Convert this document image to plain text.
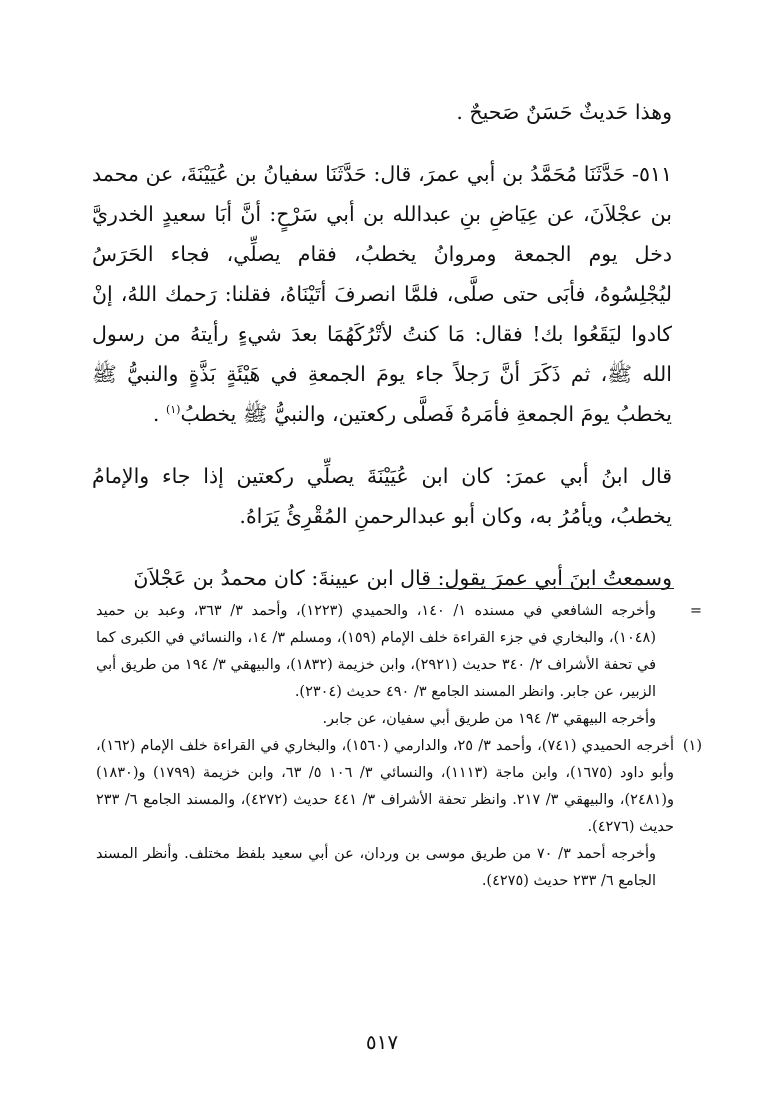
وهذا حَديثٌ حَسَنٌ صَحيحٌ .

٥١١- حَدَّثَنَا مُحَمَّدُ بن أبي عمرَ، قال: حَدَّثَنَا سفيانُ بن عُيَيْنَةَ، عن محمد بن عجْلاَنَ، عن عِيَاضِ بنِ عبدالله بن أبي سَرْحٍ: أنَّ أبَا سعيدٍ الخدريَّ دخل يوم الجمعة ومروانُ يخطبُ، فقام يصلِّي، فجاء الحَرَسُ ليُجْلِسُوهُ، فأبَى حتى صلَّى، فلمَّا انصرفَ أتَيْنَاهُ، فقلنا: رَحمك اللهُ، إنْ كادوا ليَقَعُوا بك! فقال: مَا كنتُ لأتْرُكَهُمَا بعدَ شيءٍ رأيتهُ من رسول الله ﷺ، ثم ذَكَرَ أنَّ رَجلاً جاء يومَ الجمعةِ في هَيْئَةٍ بَذَّةٍ والنبيُّ ﷺ يخطبُ يومَ الجمعةِ فأمَرهُ فَصلَّى ركعتين، والنبيُّ ﷺ يخطبُ$^{(١)}$ .

قال ابنُ أبي عمرَ: كان ابن عُيَيْنَةَ يصلِّي ركعتين إذا جاء والإمامُ يخطبُ، ويأمُرُ به، وكان أبو عبدالرحمنِ المُقْرِئُ يَرَاهُ.

وسمعتُ ابنَ أبي عمرَ يقول: قال ابن عيينةَ: كان محمدُ بن عَجْلاَنَ

=

وأخرجه الشافعي في مسنده ١/ ١٤٠، والحميدي (١٢٢٣)، وأحمد ٣/ ٣٦٣، وعبد بن حميد (١٠٤٨)، والبخاري في جزء القراءة خلف الإمام (١٥٩)، ومسلم ٣/ ١٤، والنسائي في الكبرى كما في تحفة الأشراف ٢/ ٣٤٠ حديث (٢٩٢١)، وابن خزيمة (١٨٣٢)، والبيهقي ٣/ ١٩٤ من طريق أبي الزبير، عن جابر. وانظر المسند الجامع ٣/ ٤٩٠ حديث (٢٣٠٤).

وأخرجه البيهقي ٣/ ١٩٤ من طريق أبي سفيان، عن جابر.

(١)

أخرجه الحميدي (٧٤١)، وأحمد ٣/ ٢٥، والدارمي (١٥٦٠)، والبخاري في القراءة خلف الإمام (١٦٢)، وأبو داود (١٦٧٥)، وابن ماجة (١١١٣)، والنسائي ٣/ ١٠٦ ٥/ ٦٣، وابن خزيمة (١٧٩٩) و(١٨٣٠) و(٢٤٨١)، والبيهقي ٣/ ٢١٧. وانظر تحفة الأشراف ٣/ ٤٤١ حديث (٤٢٧٢)، والمسند الجامع ٦/ ٢٣٣ حديث (٤٢٧٦).

وأخرجه أحمد ٣/ ٧٠ من طريق موسى بن وردان، عن أبي سعيد بلفظ مختلف. وأنظر المسند الجامع ٦/ ٢٣٣ حديث (٤٢٧٥).

٥١٧
